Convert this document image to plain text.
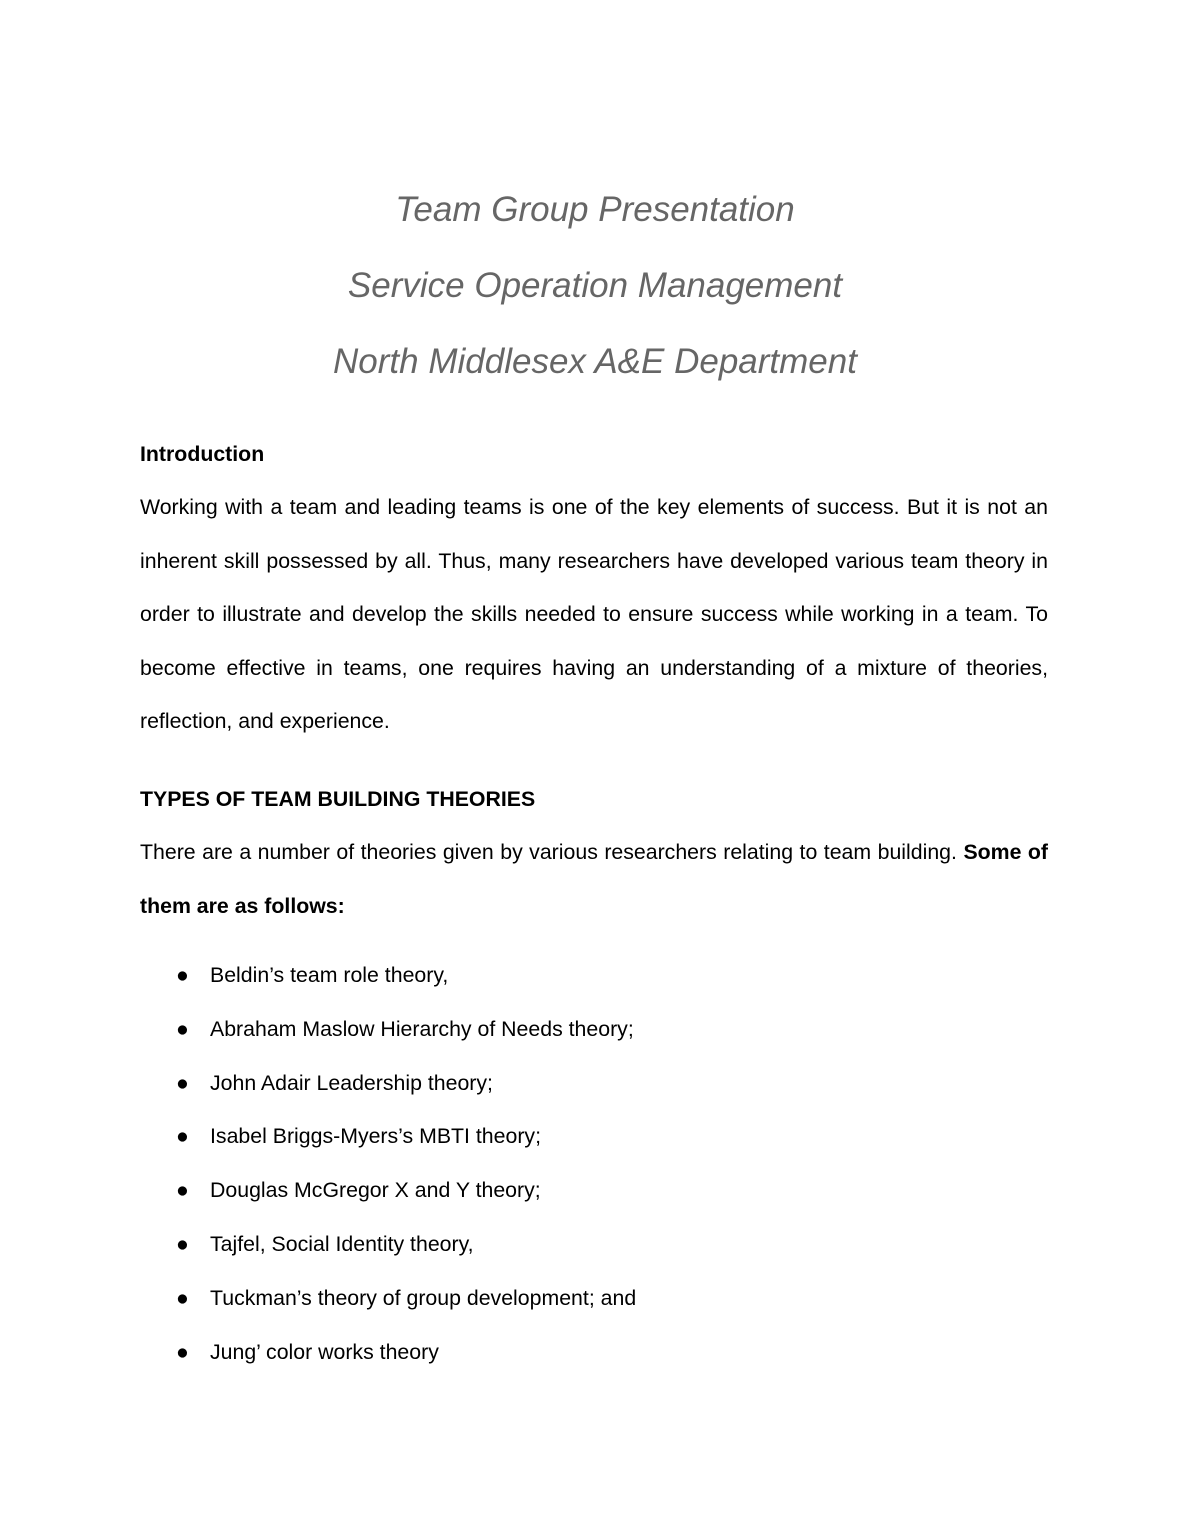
Team Group Presentation

Service Operation Management

North Middlesex A&E Department

Introduction

Working with a team and leading teams is one of the key elements of success. But it is not an inherent skill possessed by all. Thus, many researchers have developed various team theory in order to illustrate and develop the skills needed to ensure success while working in a team. To become effective in teams, one requires having an understanding of a mixture of theories, reflection, and experience.

TYPES OF TEAM BUILDING THEORIES

There are a number of theories given by various researchers relating to team building. Some of them are as follows:

● Beldin’s team role theory,
● Abraham Maslow Hierarchy of Needs theory;
● John Adair Leadership theory;
● Isabel Briggs-Myers’s MBTI theory;
● Douglas McGregor X and Y theory;
● Tajfel, Social Identity theory,
● Tuckman’s theory of group development; and
● Jung’ color works theory
